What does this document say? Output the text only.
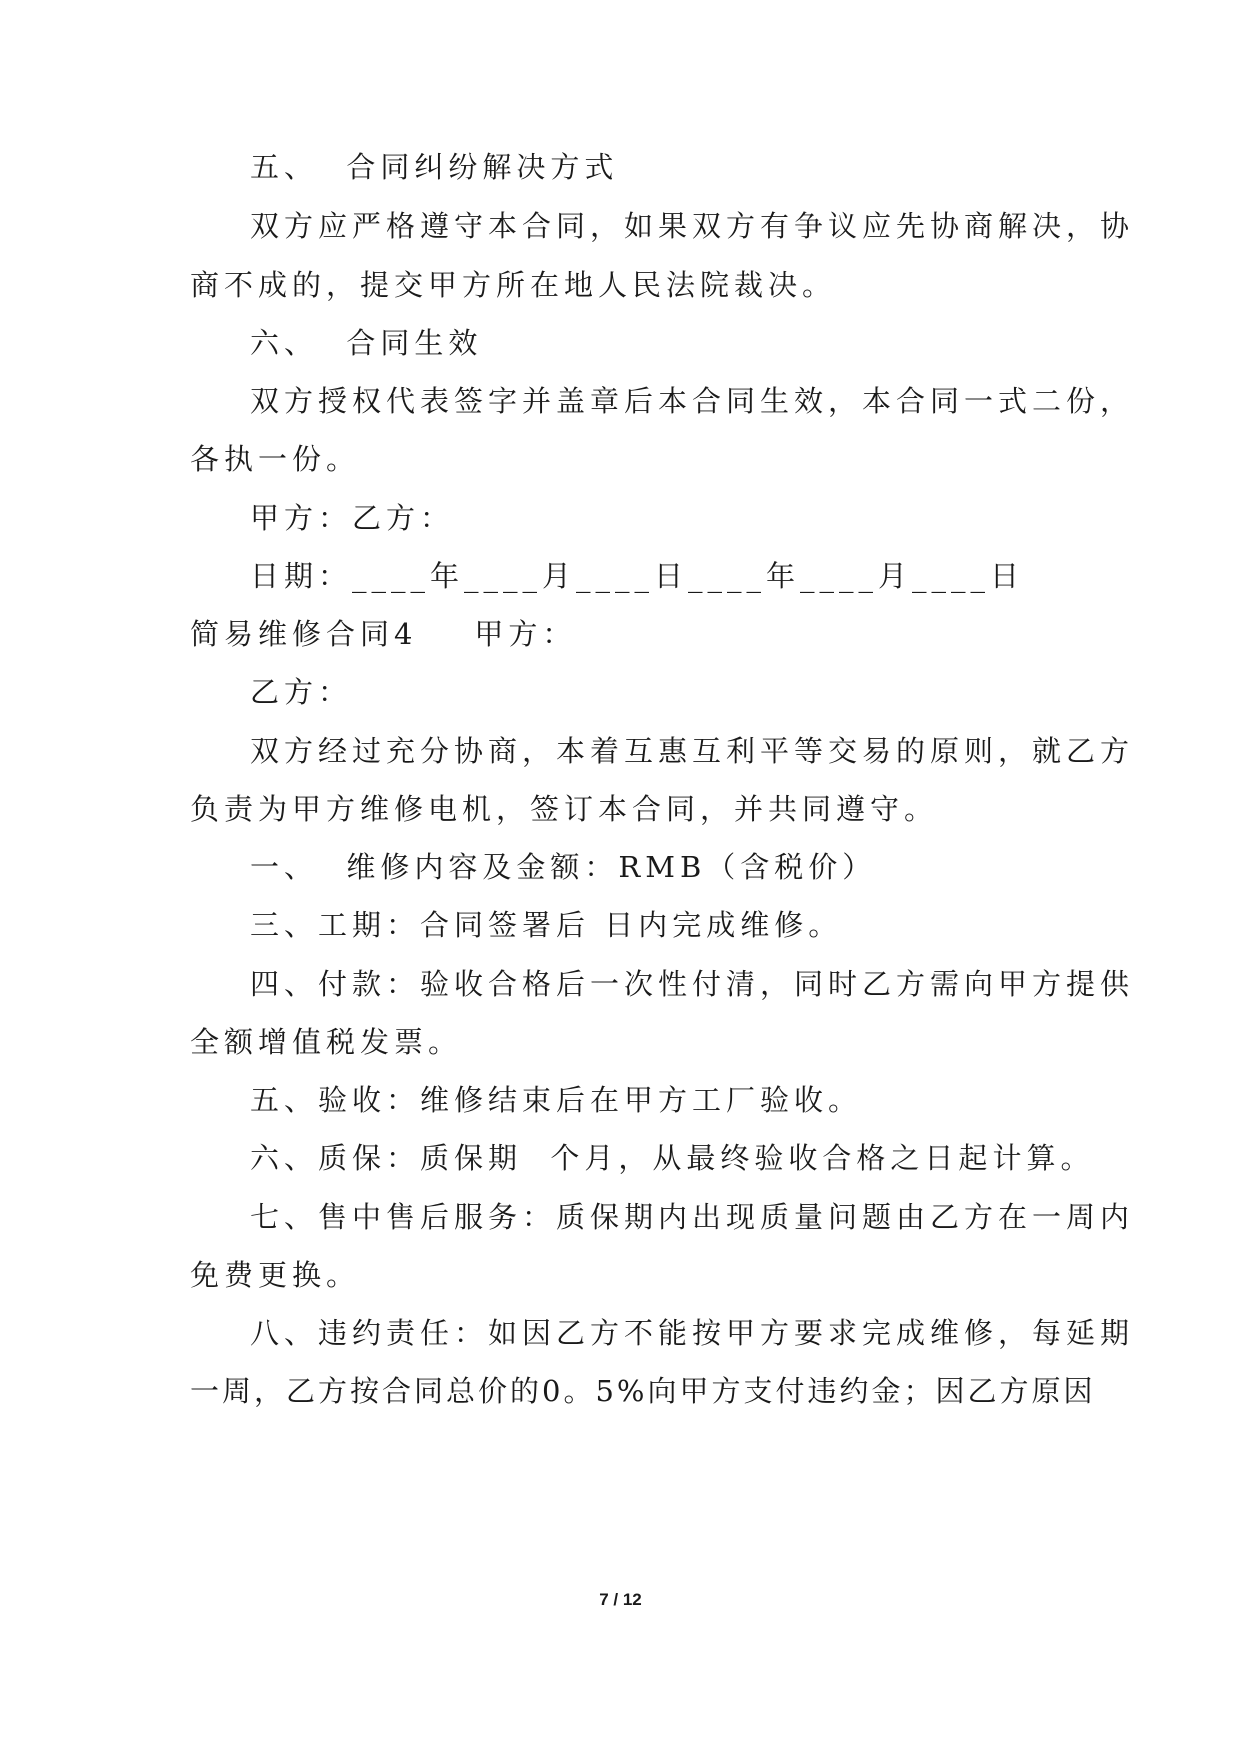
五、  合同纠纷解决方式
双方应严格遵守本合同，如果双方有争议应先协商解决，协
商不成的，提交甲方所在地人民法院裁决。
六、  合同生效
双方授权代表签字并盖章后本合同生效，本合同一式二份，
各执一份。
甲方：乙方：
日期：____年____月____日____年____月____日
简易维修合同4    甲方：
乙方：
双方经过充分协商，本着互惠互利平等交易的原则，就乙方
负责为甲方维修电机，签订本合同，并共同遵守。
一、  维修内容及金额：RMB（含税价）
三、工期：合同签署后 日内完成维修。
四、付款：验收合格后一次性付清，同时乙方需向甲方提供
全额增值税发票。
五、验收：维修结束后在甲方工厂验收。
六、质保：质保期  个月，从最终验收合格之日起计算。
七、售中售后服务：质保期内出现质量问题由乙方在一周内
免费更换。
八、违约责任：如因乙方不能按甲方要求完成维修，每延期
一周，乙方按合同总价的0。5%向甲方支付违约金；因乙方原因
7 / 12
